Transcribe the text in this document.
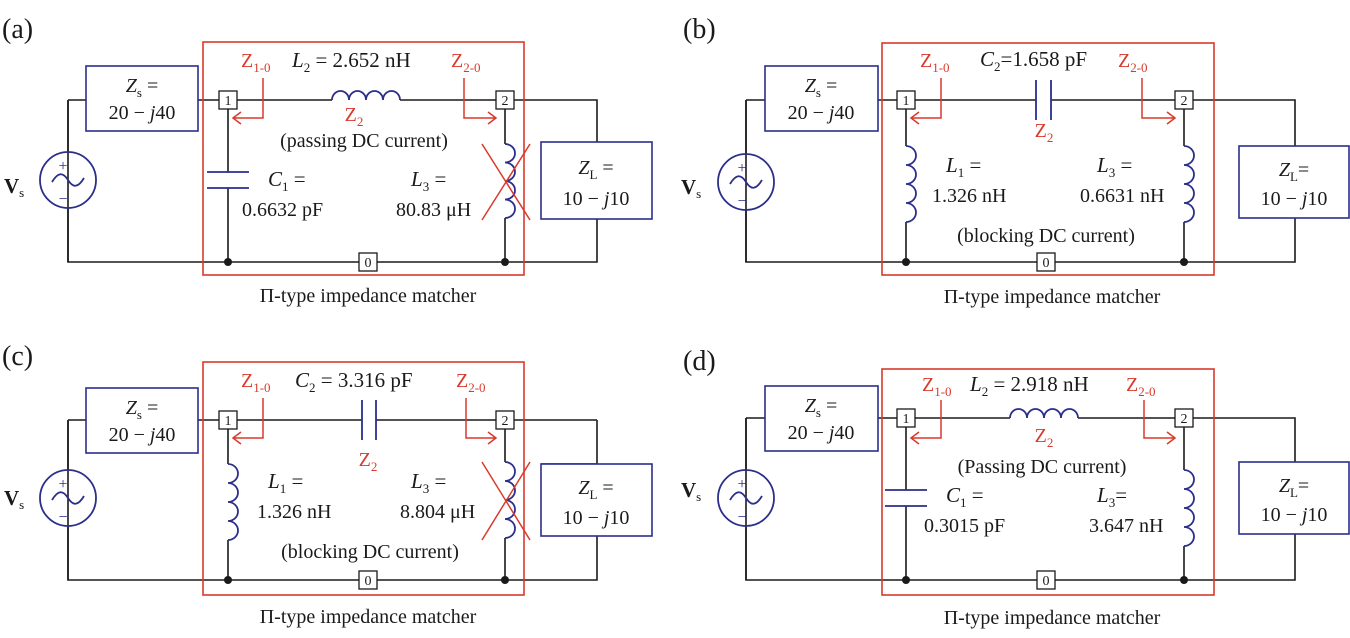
(a)
$Z_s$ =
20 − j40
$Z_L$ =
10 − j10
+
−
Vs
1	2
0
$L_2 = 2.652$ nH
$Z_2$
(passing DC current)
$Z_{1-0}$	$Z_{2-0}$
$C_1$ =
0.6632 pF
$L_3$ =
80.83 μH
Π-type impedance matcher
(b)
$Z_s$ =
20 − j40
$Z_L=$
10 − j10
+
−
Vs
1	2
0
$C_2=1.658$ pF
$Z_2$
$Z_{1-0}$	$Z_{2-0}$
$L_1$ =
1.326 nH
$L_3$ =
0.6631 nH
(blocking DC current)
Π-type impedance matcher
(c)
$Z_s$ =
20 − j40
$Z_L$ =
10 − j10
+
−
Vs
1	2
0
$C_2 = 3.316$ pF
$Z_2$
$Z_{1-0}$	$Z_{2-0}$
$L_1$ =
1.326 nH
$L_3$ =
8.804 μH
(blocking DC current)
Π-type impedance matcher
(d)
$Z_s$ =
20 − j40
$Z_L=$
10 − j10
+
−
Vs
1	2
0
$L_2 = 2.918$ nH
$Z_2$
(Passing DC current)
$Z_{1-0}$	$Z_{2-0}$
$C_1$ =
0.3015 pF
$L_3=$
3.647 nH
Π-type impedance matcher
